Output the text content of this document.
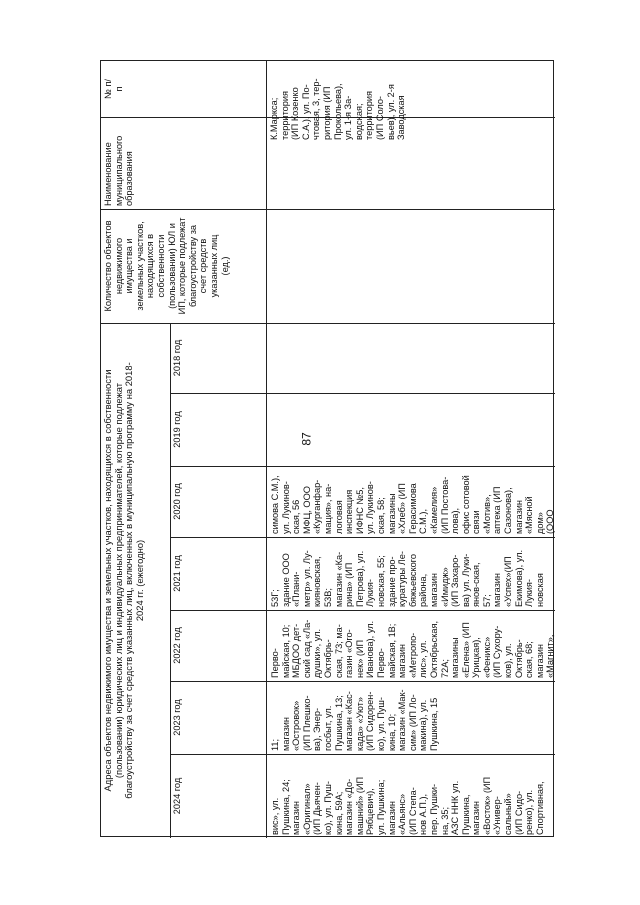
87
№ п/ п
Наименование муниципального образования
Количество объектов недвижимого имущества и земельных участков, находящихся в собственности (пользовании) ЮЛ и ИП, которые подлежат благоустройству за счет средств указанных лиц (ед.)
Адреса объектов недвижимого имущества и земельных участков, находящихся в собственности (пользовании) юридических лиц и индивидуальных предпринимателей, которые подлежат благоустройству за счет средств указанных лиц, включенных в муниципальную программу на 2018- 2024 гг. (ежегодно)
2018 год
2019 год
2020 год
2021 год
2022 год
2023 год
2024 год
симова С.М.), ул. Лукинов- ская, 56 МФЦ, ООО «Курганфар- мация», на- логовая инспекция ИФНС №5, ул. Лукинов- ская, 58; магазины «Хлеб» (ИП Герасимова С.М.), «Камелия» (ИП Постова- лова), офис сотовой связи «Мотив», аптека (ИП Сазонова), магазин «Мясной дом» (ООО
53Г; здание ООО «Плани- метр» ул. Лу- кияновская, 53В; магазин «Ка- рина» (ИП Петрова), ул. Лукия- новская, 55; здание про- куратуры Ле- бяжьевского района, магазин «Имидж» (ИП Захаро- ва) ул. Луки- янов-ская, 57; магазин «Успех»(ИП Екимова), ул. Лукия- новская
Перво- майская, 10; МБДОО дет- ский сад «Ла- душки», ул. Октябрь- ская, 73; ма- газин «Ого- нек» (ИП Иванова), ул. Перво- майская, 1В; магазин «Метропо- лис», ул. Октябрьская, 72А; магазины «Елена» (ИП Урицкая), «Феникс» (ИП Сухору- ков), ул. Октябрь- ская, 68; магазин «Магнит»,
11; магазин «Островок» (ИП Плешко- ва), Энер- госбыт, ул. Пушкина, 13; магазин «Кас- када» «Уют» (ИП Сидорен- ко), ул. Пуш- кина, 10; магазин «Мак- сим» (ИП Ло- макина), ул. Пушкина, 15
вис», ул. Пушкина, 24; магазин «Оригинал» (ИП Дьячен- ко), ул. Пуш- кина, 59А; магазин «До- машний» (ИП Рябцевич), ул. Пушкина; магазин «Альянс» (ИП Степа- нов А.П.), пер. Пушки- на, 35; АЗС ННК ул. Пушкина, магазин «Восток» (ИП «Универ- сальный» (ИП Сидо- ренко), ул. Спортивная,
К.Маркса; территория (ИП Козенко С.А.), ул. По- чтовая, 3, тер- ритория (ИП Прокольева), ул. 1-я За- водская; территория (ИП Соло- вьев), ул. 2-я Заводская
